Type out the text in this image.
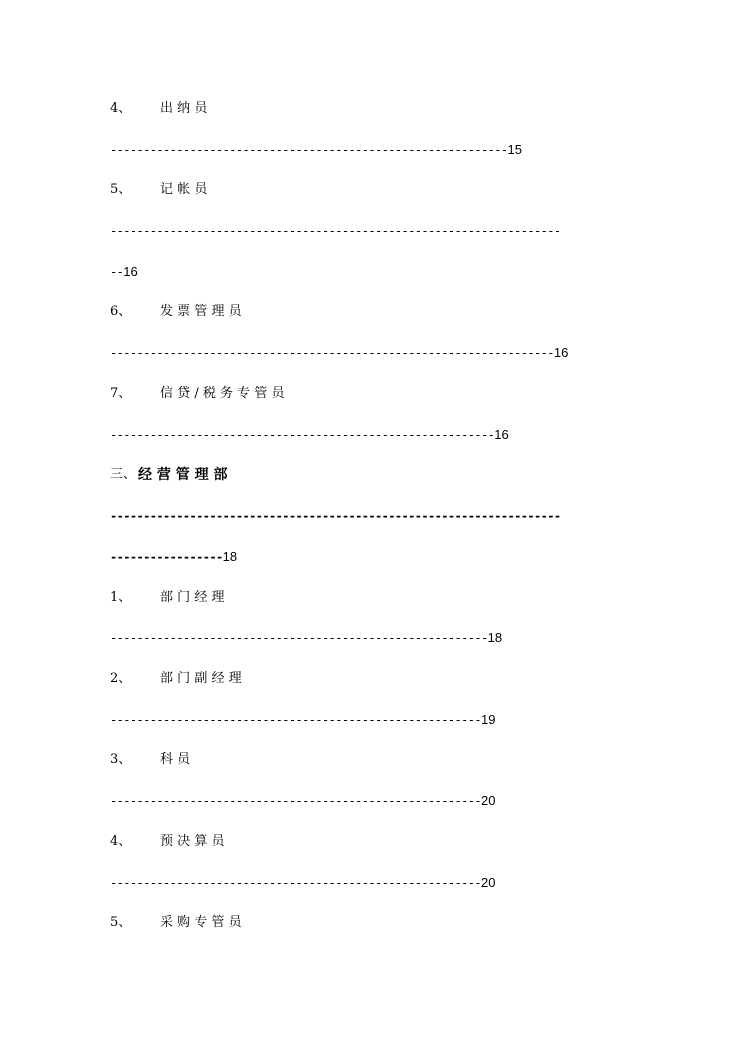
4、	出 纳 员
------------------------------------------------------------15
5、	记 帐 员
--------------------------------------------------------------------
--16
6、	发 票 管 理 员
-------------------------------------------------------------------16
7、	信 贷 / 税 务 专 管 员
----------------------------------------------------------16
三、 经 营 管 理 部
--------------------------------------------------------------------
-----------------18
1、	部 门 经 理
---------------------------------------------------------18
2、	部 门 副 经 理
--------------------------------------------------------19
3、	科 员
--------------------------------------------------------20
4、	预 决 算 员
--------------------------------------------------------20
5、	采 购 专 管 员
